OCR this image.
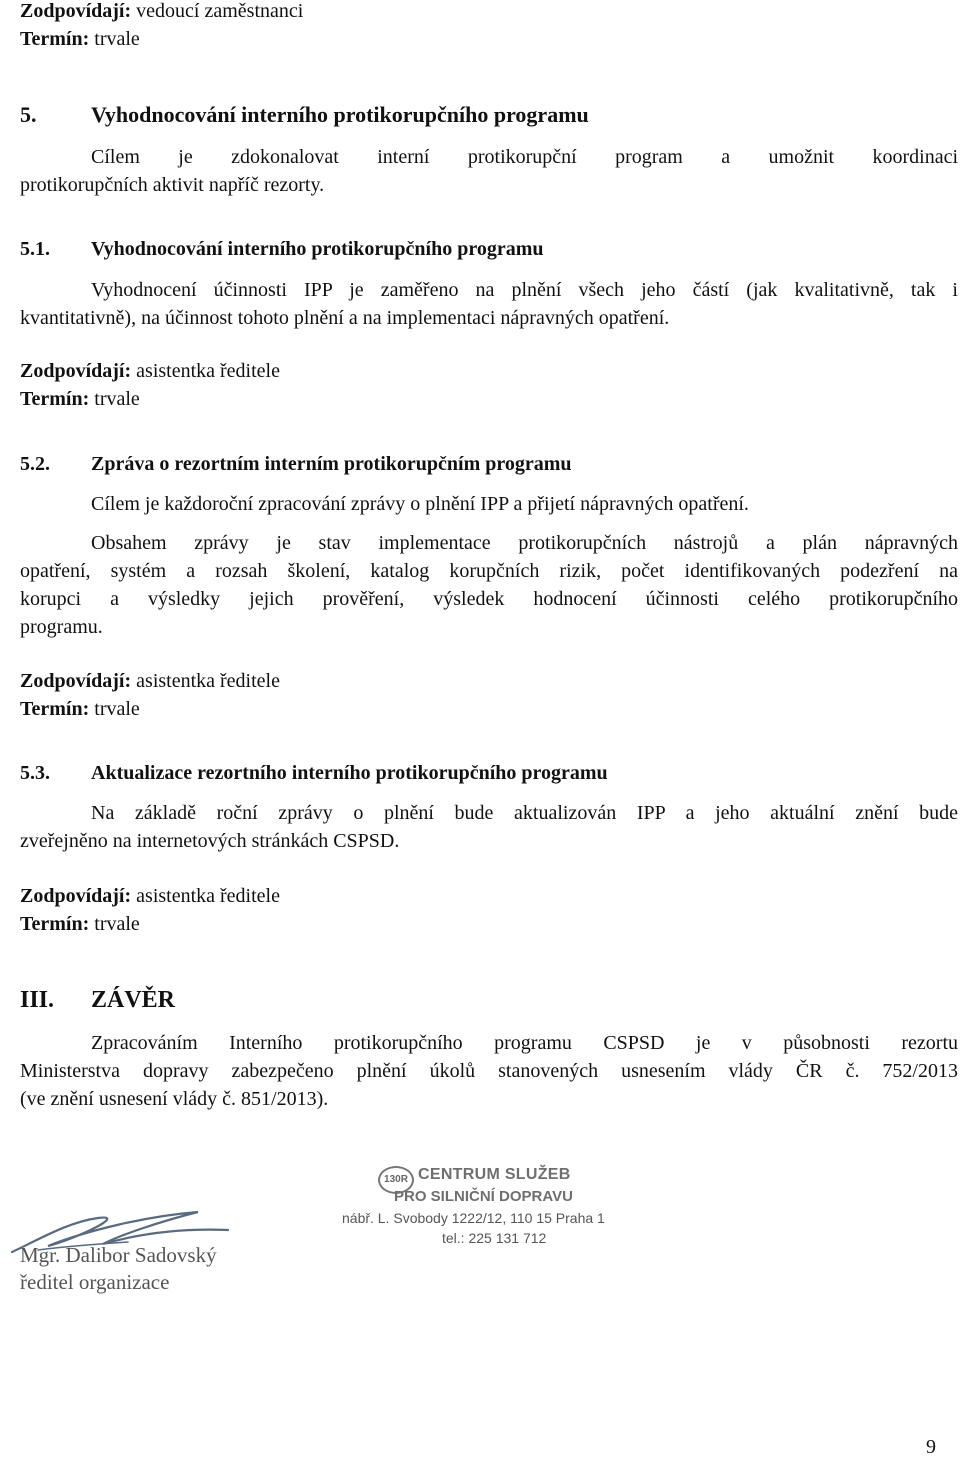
Zodpovídají: vedoucí zaměstnanci
Termín: trvale
5. Vyhodnocování interního protikorupčního programu
Cílem je zdokonalovat interní protikorupční program a umožnit koordinaci
protikorupčních aktivit napříč rezorty.
5.1. Vyhodnocování interního protikorupčního programu
Vyhodnocení účinnosti IPP je zaměřeno na plnění všech jeho částí (jak kvalitativně, tak i
kvantitativně), na účinnost tohoto plnění a na implementaci nápravných opatření.
Zodpovídají: asistentka ředitele
Termín: trvale
5.2. Zpráva o rezortním interním protikorupčním programu
Cílem je každoroční zpracování zprávy o plnění IPP a přijetí nápravných opatření.
Obsahem zprávy je stav implementace protikorupčních nástrojů a plán nápravných
opatření, systém a rozsah školení, katalog korupčních rizik, počet identifikovaných podezření na
korupci a výsledky jejich prověření, výsledek hodnocení účinnosti celého protikorupčního
programu.
Zodpovídají: asistentka ředitele
Termín: trvale
5.3. Aktualizace rezortního interního protikorupčního programu
Na základě roční zprávy o plnění bude aktualizován IPP a jeho aktuální znění bude
zveřejněno na internetových stránkách CSPSD.
Zodpovídají: asistentka ředitele
Termín: trvale
III. ZÁVĚR
Zpracováním Interního protikorupčního programu CSPSD je v působnosti rezortu
Ministerstva dopravy zabezpečeno plnění úkolů stanovených usnesením vlády ČR č. 752/2013
(ve znění usnesení vlády č. 851/2013).
130R CENTRUM SLUŽEB
PRO SILNIČNÍ DOPRAVU
nábř. L. Svobody 1222/12, 110 15 Praha 1
tel.: 225 131 712
Mgr. Dalibor Sadovský
ředitel organizace
9
